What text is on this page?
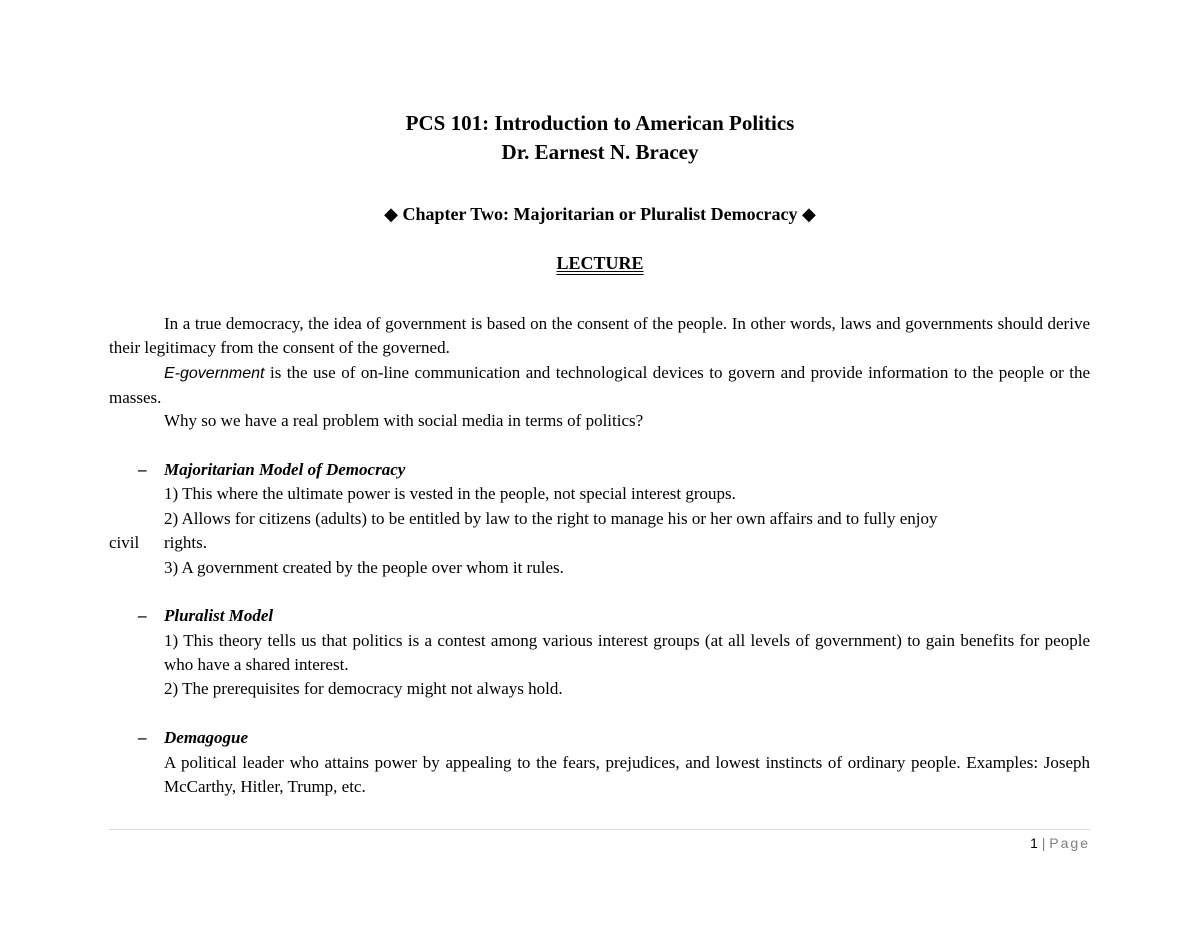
PCS 101: Introduction to American Politics
Dr. Earnest N. Bracey
◆ Chapter Two: Majoritarian or Pluralist Democracy ◆
LECTURE

In a true democracy, the idea of government is based on the consent of the people. In other words, laws and governments should derive their legitimacy from the consent of the governed.

E-government is the use of on-line communication and technological devices to govern and provide information to the people or the masses.

Why so we have a real problem with social media in terms of politics?

– Majoritarian Model of Democracy

1) This where the ultimate power is vested in the people, not special interest groups.

2) Allows for citizens (adults) to be entitled by law to the right to manage his or her own affairs and to fully enjoy

civil rights.

3) A government created by the people over whom it rules.

– Pluralist Model

1) This theory tells us that politics is a contest among various interest groups (at all levels of government) to gain benefits for people who have a shared interest.

2) The prerequisites for democracy might not always hold.

– Demagogue

A political leader who attains power by appealing to the fears, prejudices, and lowest instincts of ordinary people. Examples: Joseph McCarthy, Hitler, Trump, etc.

1 | Page
